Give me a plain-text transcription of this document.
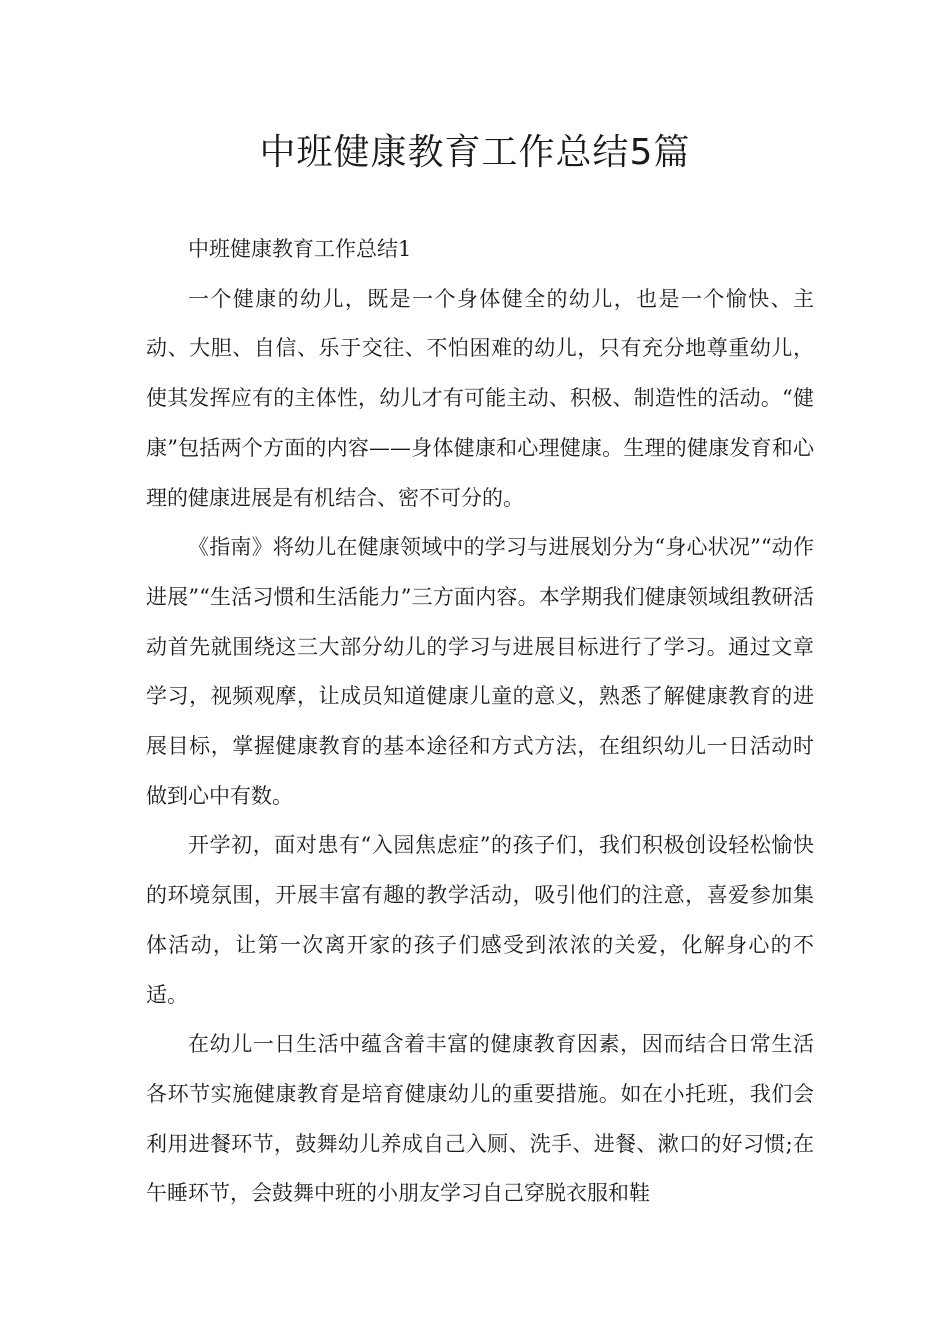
中班健康教育工作总结5篇

中班健康教育工作总结1

一个健康的幼儿，既是一个身体健全的幼儿，也是一个愉快、主动、大胆、自信、乐于交往、不怕困难的幼儿，只有充分地尊重幼儿，使其发挥应有的主体性，幼儿才有可能主动、积极、制造性的活动。“健康”包括两个方面的内容——身体健康和心理健康。生理的健康发育和心理的健康进展是有机结合、密不可分的。

《指南》将幼儿在健康领域中的学习与进展划分为“身心状况”“动作进展”“生活习惯和生活能力”三方面内容。本学期我们健康领域组教研活动首先就围绕这三大部分幼儿的学习与进展目标进行了学习。通过文章学习，视频观摩，让成员知道健康儿童的意义，熟悉了解健康教育的进展目标，掌握健康教育的基本途径和方式方法，在组织幼儿一日活动时做到心中有数。

开学初，面对患有“入园焦虑症”的孩子们，我们积极创设轻松愉快的环境氛围，开展丰富有趣的教学活动，吸引他们的注意，喜爱参加集体活动，让第一次离开家的孩子们感受到浓浓的关爱，化解身心的不适。

在幼儿一日生活中蕴含着丰富的健康教育因素，因而结合日常生活各环节实施健康教育是培育健康幼儿的重要措施。如在小托班，我们会利用进餐环节，鼓舞幼儿养成自己入厕、洗手、进餐、漱口的好习惯;在午睡环节，会鼓舞中班的小朋友学习自己穿脱衣服和鞋
